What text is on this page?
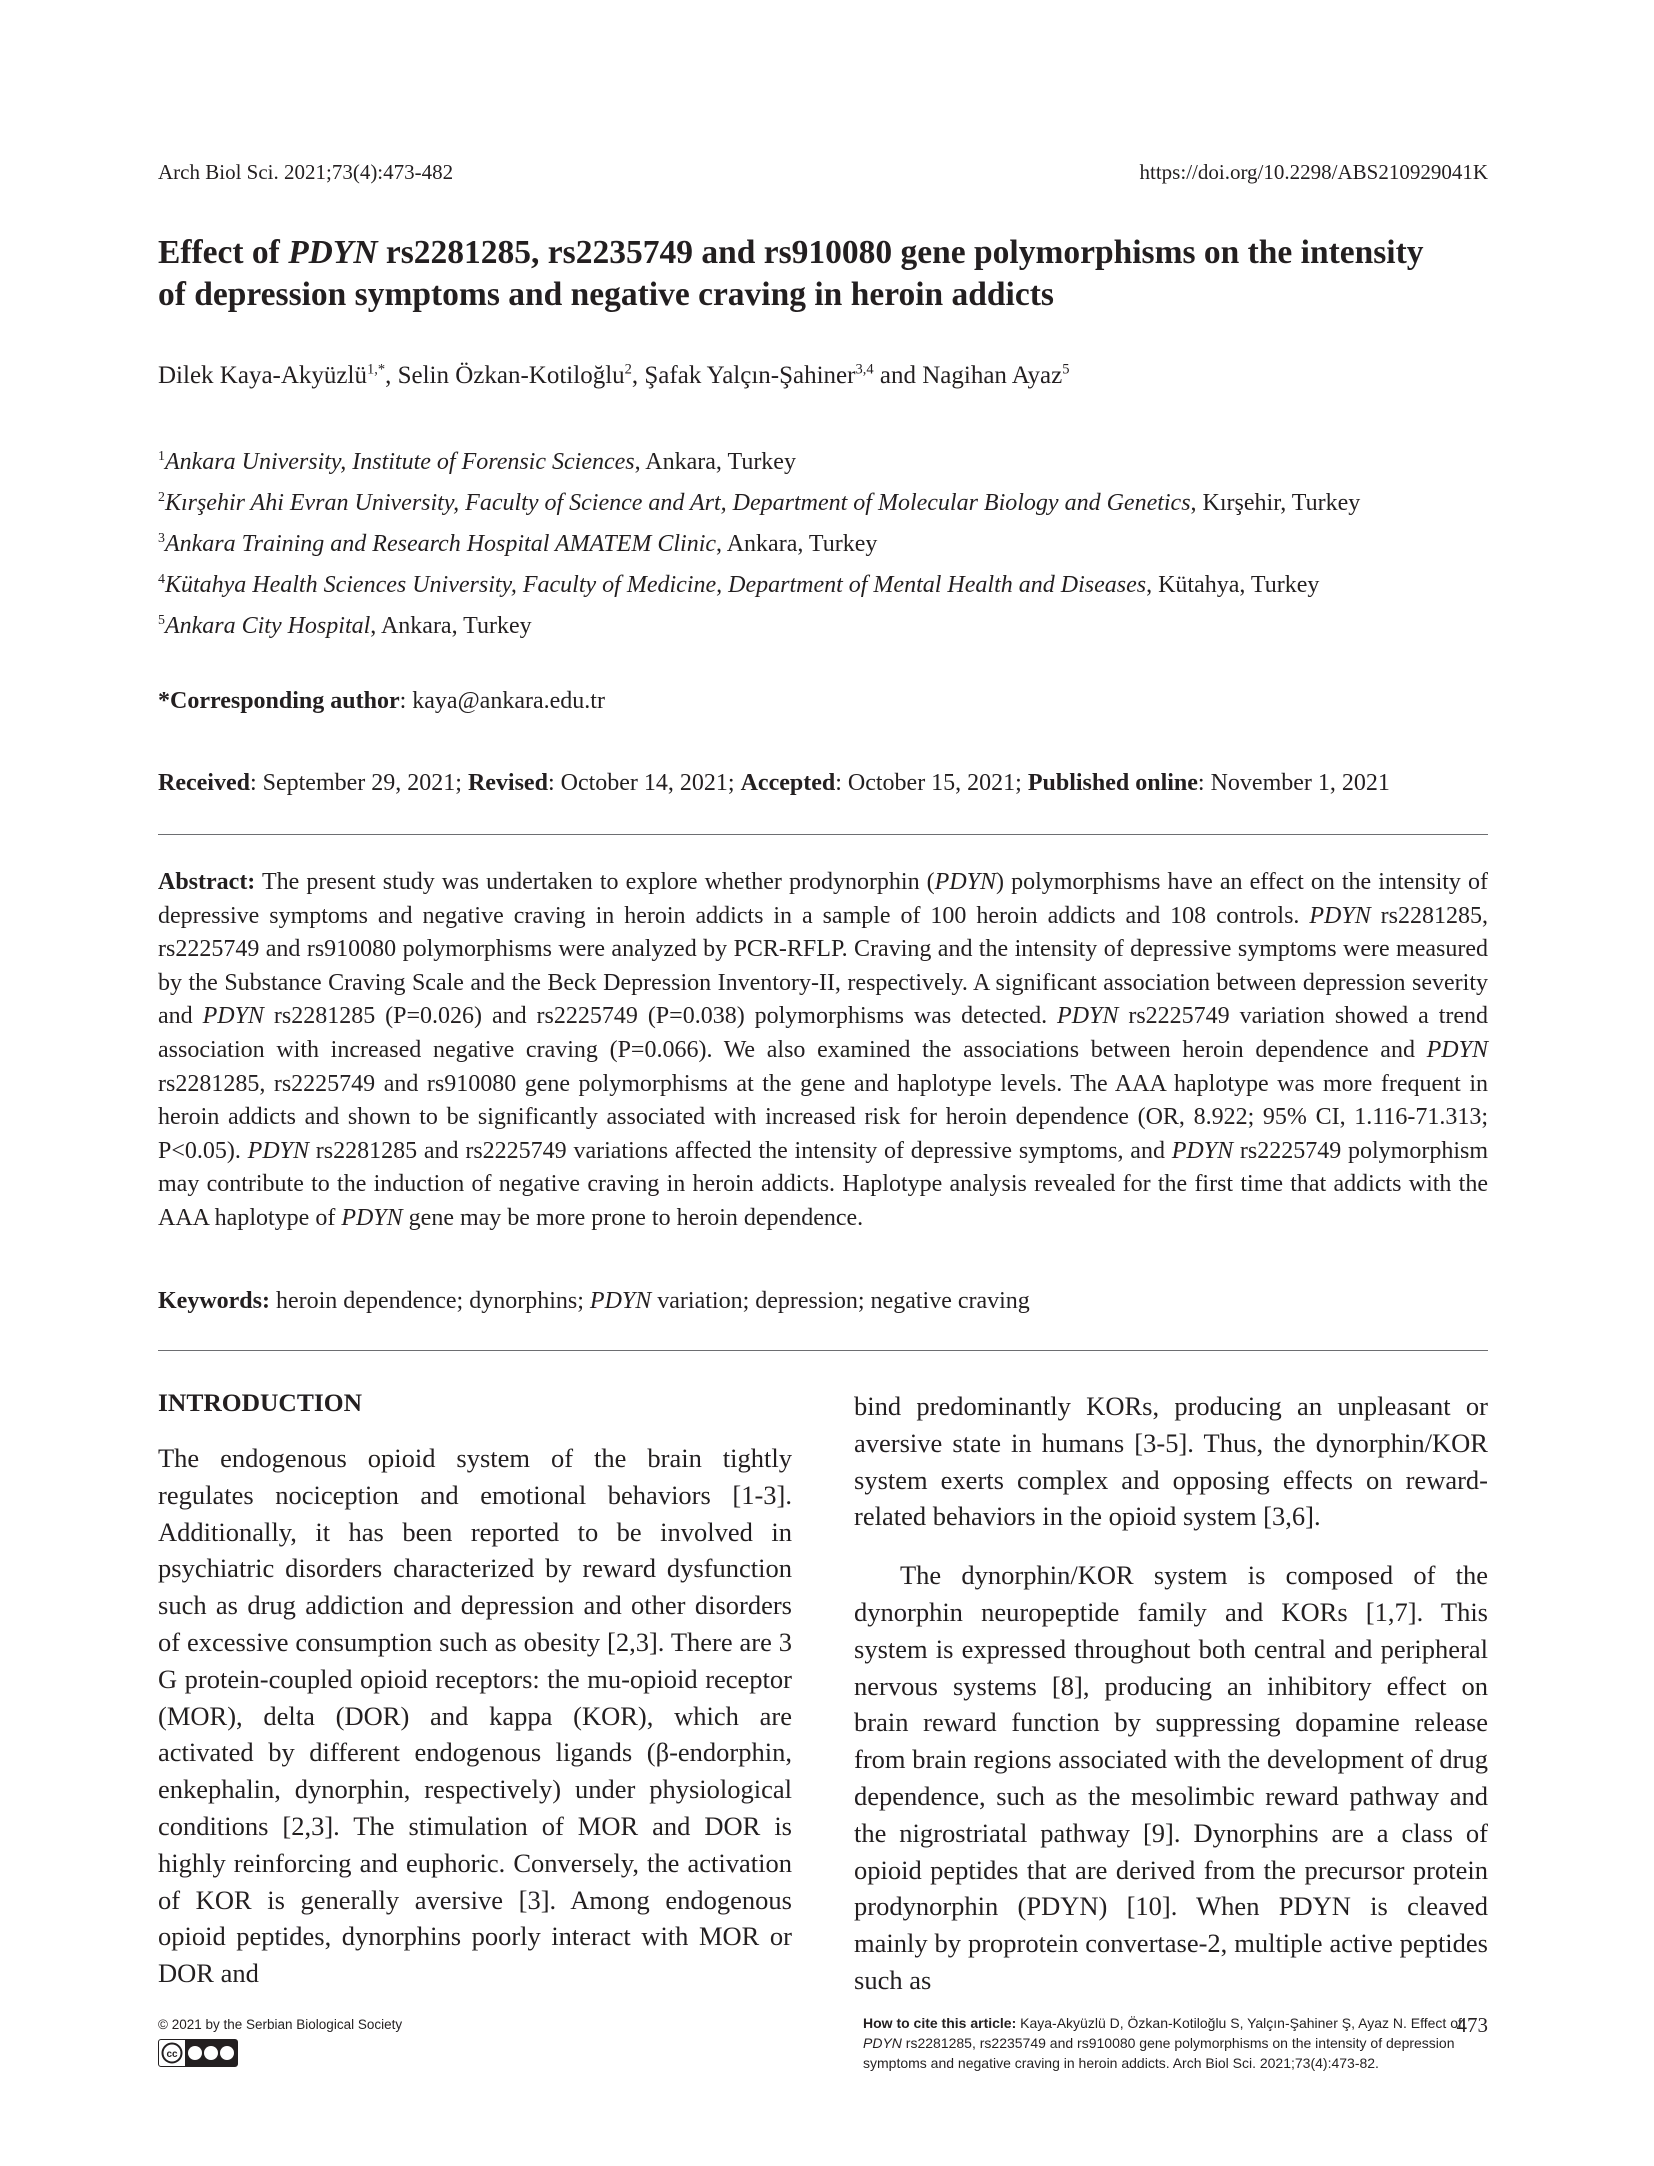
Arch Biol Sci. 2021;73(4):473-482	https://doi.org/10.2298/ABS210929041K
Effect of PDYN rs2281285, rs2235749 and rs910080 gene polymorphisms on the intensity
of depression symptoms and negative craving in heroin addicts
Dilek Kaya-Akyüzlü$^{1,*}$, Selin Özkan-Kotiloğlu$^2$, Şafak Yalçın-Şahiner$^{3,4}$ and Nagihan Ayaz$^5$
$^1$Ankara University, Institute of Forensic Sciences, Ankara, Turkey
$^2$Kırşehir Ahi Evran University, Faculty of Science and Art, Department of Molecular Biology and Genetics, Kırşehir, Turkey
$^3$Ankara Training and Research Hospital AMATEM Clinic, Ankara, Turkey
$^4$Kütahya Health Sciences University, Faculty of Medicine, Department of Mental Health and Diseases, Kütahya, Turkey
$^5$Ankara City Hospital, Ankara, Turkey
*Corresponding author: kaya@ankara.edu.tr
Received: September 29, 2021; Revised: October 14, 2021; Accepted: October 15, 2021; Published online: November 1, 2021

Abstract: The present study was undertaken to explore whether prodynorphin (PDYN) polymorphisms have an effect on the intensity of depressive symptoms and negative craving in heroin addicts in a sample of 100 heroin addicts and 108 controls. PDYN rs2281285, rs2225749 and rs910080 polymorphisms were analyzed by PCR-RFLP. Craving and the intensity of depressive symptoms were measured by the Substance Craving Scale and the Beck Depression Inventory-II, respectively. A significant association between depression severity and PDYN rs2281285 (P=0.026) and rs2225749 (P=0.038) polymorphisms was detected. PDYN rs2225749 variation showed a trend association with increased negative craving (P=0.066). We also examined the associations between heroin dependence and PDYN rs2281285, rs2225749 and rs910080 gene polymorphisms at the gene and haplotype levels. The AAA haplotype was more frequent in heroin addicts and shown to be significantly associated with increased risk for heroin dependence (OR, 8.922; 95% CI, 1.116-71.313; P<0.05). PDYN rs2281285 and rs2225749 variations affected the intensity of depressive symptoms, and PDYN rs2225749 polymorphism may contribute to the induction of negative craving in heroin addicts. Haplotype analysis revealed for the first time that addicts with the AAA haplotype of PDYN gene may be more prone to heroin dependence.

Keywords: heroin dependence; dynorphins; PDYN variation; depression; negative craving

INTRODUCTION

The endogenous opioid system of the brain tightly regulates nociception and emotional behaviors [1-3]. Additionally, it has been reported to be involved in psychiatric disorders characterized by reward dysfunction such as drug addiction and depression and other disorders of excessive consumption such as obesity [2,3]. There are 3 G protein-coupled opioid receptors: the mu-opioid receptor (MOR), delta (DOR) and kappa (KOR), which are activated by different endogenous ligands (β-endorphin, enkephalin, dynorphin, respectively) under physiological conditions [2,3]. The stimulation of MOR and DOR is highly reinforcing and euphoric. Conversely, the activation of KOR is generally aversive [3]. Among endogenous opioid peptides, dynorphins poorly interact with MOR or DOR and

bind predominantly KORs, producing an unpleasant or aversive state in humans [3-5]. Thus, the dynorphin/KOR system exerts complex and opposing effects on reward-related behaviors in the opioid system [3,6].

The dynorphin/KOR system is composed of the dynorphin neuropeptide family and KORs [1,7]. This system is expressed throughout both central and peripheral nervous systems [8], producing an inhibitory effect on brain reward function by suppressing dopamine release from brain regions associated with the development of drug dependence, such as the mesolimbic reward pathway and the nigrostriatal pathway [9]. Dynorphins are a class of opioid peptides that are derived from the precursor protein prodynorphin (PDYN) [10]. When PDYN is cleaved mainly by proprotein convertase-2, multiple active peptides such as

© 2021 by the Serbian Biological Society
cc
How to cite this article: Kaya-Akyüzlü D, Özkan-Kotiloğlu S, Yalçın-Şahiner Ş, Ayaz N. Effect of PDYN rs2281285, rs2235749 and rs910080 gene polymorphisms on the intensity of depression symptoms and negative craving in heroin addicts. Arch Biol Sci. 2021;73(4):473-82.
473
